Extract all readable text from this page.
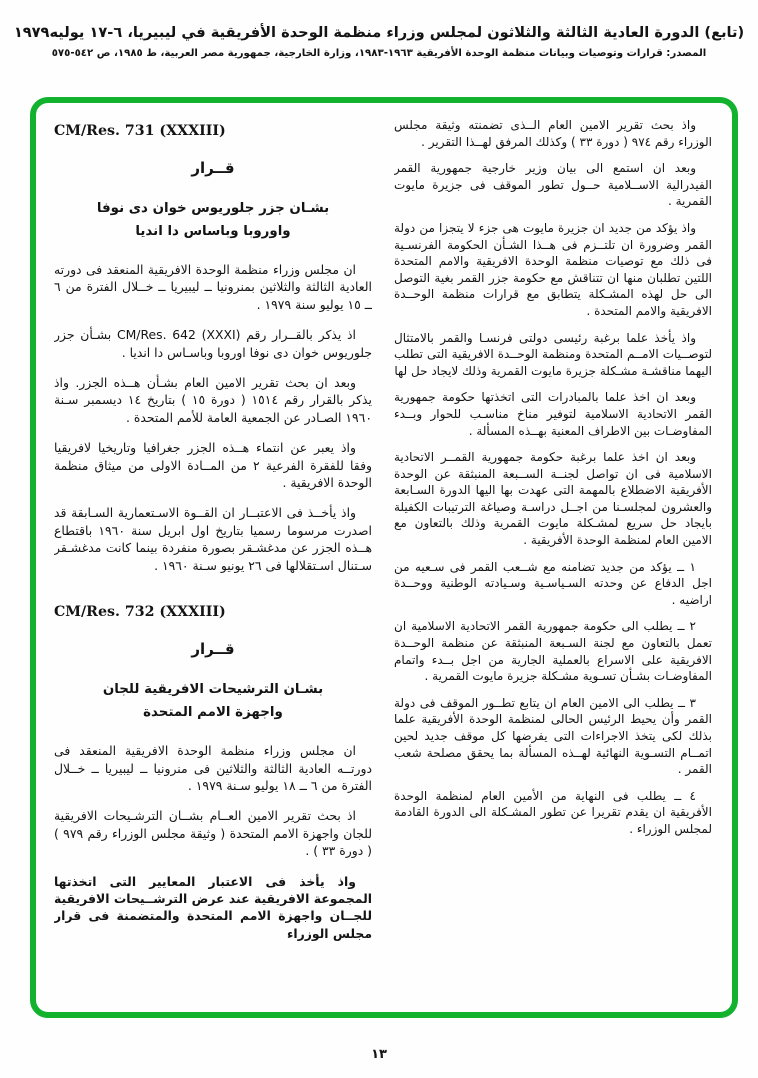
(تابع) الدورة العادية الثالثة والثلاثون لمجلس وزراء منظمة الوحدة الأفريقية في ليبيريا، ٦-١٧ يوليه١٩٧٩
المصدر: قرارات وتوصيات وبيانات منظمة الوحدة الأفريقية ١٩٦٣-١٩٨٣، وزارة الخارجية، جمهورية مصر العربية، ط ١٩٨٥، ص ٥٤٢-٥٧٥

واذ بحث تقرير الامين العام الــذى تضمنته وثيقة مجلس الوزراء رقم ٩٧٤ ( دورة ٣٣ ) وكذلك المرفق لهــذا التقرير .

وبعد ان استمع الى بيان وزير خارجية جمهورية القمر الفيدرالية الاســلامية حــول تطور الموقف فى جزيرة مايوت القمرية .

واذ يؤكد من جديد ان جزيرة مايوت هى جزء لا يتجزا من دولة القمر وضرورة ان تلتــزم فى هــذا الشـأن الحكومة الفرنسـية فى ذلك مع توصيات منظمة الوحدة الافريقية والامم المتحدة اللتين تطلبان منها ان تتناقش مع حكومة جزر القمر بغية التوصل الى حل لهذه المشـكلة يتطابق مع قرارات منظمة الوحــدة الافريقية والامم المتحدة .

واذ يأخذ علما برغبة رئيسى دولتى فرنسـا والقمر بالامتثال لتوصــيات الامــم المتحدة ومنظمة الوحــدة الافريقية التى تطلب اليهما مناقشـة مشـكلة جزيرة مايوت القمرية وذلك لايجاد حل لها

وبعد ان اخذ علما بالمبادرات التى اتخذتها حكومة جمهورية القمر الاتحادية الاسلامية لتوفير مناخ مناسـب للحوار وبــدء المفاوضـات بين الاطراف المعنية بهــذه المسألة .

وبعد ان اخذ علما برغبة حكومة جمهورية القمــر الاتحادية الاسلامية فى ان تواصل لجنــة الســبعة المنبثقة عن الوحدة الأفريقية الاضطلاع بالمهمة التى عهدت بها اليها الدورة السـابعة والعشرون لمجلسـنا من اجــل دراسـة وصياغة الترتيبات الكفيلة بايجاد حل سريع لمشـكلة مايوت القمرية وذلك بالتعاون مع الامين العام لمنظمة الوحدة الأفريقية .

١ ــ يؤكد من جديد تضامنه مع شــعب القمر فى سـعيه من اجل الدفاع عن وحدته السـياسـية وسـيادته الوطنية ووحــدة اراضيه .

٢ ــ يطلب الى حكومة جمهورية القمر الاتحادية الاسلامية ان تعمل بالتعاون مع لجنة السـبعة المنبثقة عن منظمة الوحــدة الافريقية على الاسراع بالعملية الجارية من اجل بــدء واتمام المفاوضـات بشـأن تسـوية مشـكلة جزيرة مايوت القمرية .

٣ ــ يطلب الى الامين العام ان يتابع تطــور الموقف فى دولة القمر وأن يحيط الرئيس الحالى لمنظمة الوحدة الأفريقية علما بذلك لكى يتخذ الاجراءات التى يفرضها كل موقف جديد لحين اتمــام التسـوية النهائية لهــذه المسألة بما يحقق مصلحة شعب القمر .

٤ ــ يطلب فى النهاية من الأمين العام لمنظمة الوحدة الأفريقية ان يقدم تقريرا عن تطور المشـكلة الى الدورة القادمة لمجلس الوزراء .

CM/Res. 731 (XXXIII)
قــرار
بشـان جزر جلوريوس خوان دى نوفا
واوروبا وباساس دا انديا

ان مجلس وزراء منظمة الوحدة الافريقية المنعقد فى دورته العادية الثالثة والثلاثين بمنرونيا ــ ليبيريا ــ خــلال الفترة من ٦ ــ ١٥ يوليو سنة ١٩٧٩ .

اذ يذكر بالقــرار رقم CM/Res. 642 (XXXI) بشـأن جزر جلوريوس خوان دى نوفا اوروبا وباسـاس دا انديا .

وبعد ان بحث تقرير الامين العام بشـأن هــذه الجزر. واذ يذكر بالقرار رقم ١٥١٤ ( دورة ١٥ ) بتاريخ ١٤ ديسمبر سـنة ١٩٦٠ الصـادر عن الجمعية العامة للأمم المتحدة .

واذ يعبر عن انتماء هــذه الجزر جغرافيا وتاريخيا لافريقيا وفقا للفقرة الفرعية ٢ من المــادة الاولى من ميثاق منظمة الوحدة الافريقية .

واذ يأخــذ فى الاعتبــار ان القــوة الاسـتعمارية السـابقة قد اصدرت مرسوما رسميا بتاريخ اول ابريل سنة ١٩٦٠ باقتطاع هــذه الجزر عن مدغشـقر بصورة منفردة بينما كانت مدغشـقر سـتنال اسـتقلالها فى ٢٦ يونيو سـنة ١٩٦٠ .

CM/Res. 732 (XXXIII)
قــرار
بشـان الترشيحات الافريقية للجان
واجهزة الامم المتحدة

ان مجلس وزراء منظمة الوحدة الافريقية المنعقد فى دورتــه العادية الثالثة والثلاثين فى منرونيا ــ ليبيريا ــ خــلال الفترة من ٦ ــ ١٨ يوليو سـنة ١٩٧٩ .

اذ بحث تقرير الامين العــام بشــان الترشـيحات الافريقية للجان واجهزة الامم المتحدة ( وثيقة مجلس الوزراء رقم ٩٧٩ ) ( دورة ٣٣ ) .

واذ يأخذ فى الاعتبار المعايير التى اتخذتها المجموعة الافريقية عند عرض الترشــيحات الافريقية للجــان واجهزة الامم المتحدة والمتضمنة فى قرار مجلس الوزراء

١٣
